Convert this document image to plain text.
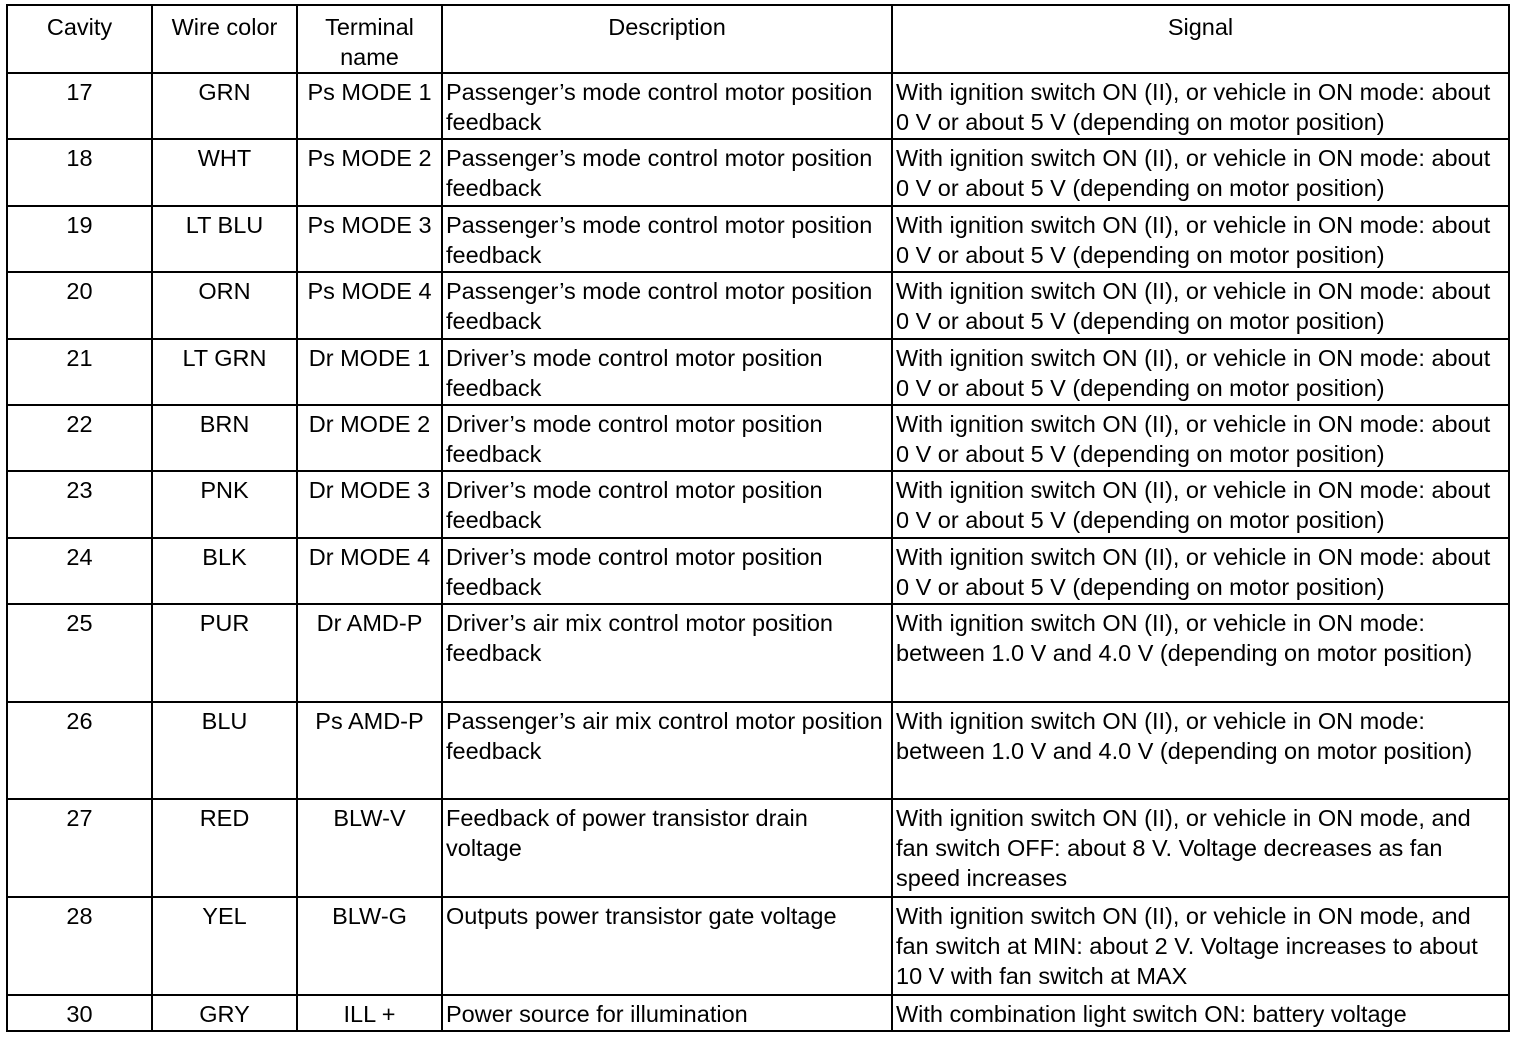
Cavity	Wire color	Terminal name	Description	Signal
17	GRN	Ps MODE 1	Passenger’s mode control motor position feedback	With ignition switch ON (II), or vehicle in ON mode: about 0 V or about 5 V (depending on motor position)
18	WHT	Ps MODE 2	Passenger’s mode control motor position feedback	With ignition switch ON (II), or vehicle in ON mode: about 0 V or about 5 V (depending on motor position)
19	LT BLU	Ps MODE 3	Passenger’s mode control motor position feedback	With ignition switch ON (II), or vehicle in ON mode: about 0 V or about 5 V (depending on motor position)
20	ORN	Ps MODE 4	Passenger’s mode control motor position feedback	With ignition switch ON (II), or vehicle in ON mode: about 0 V or about 5 V (depending on motor position)
21	LT GRN	Dr MODE 1	Driver’s mode control motor position feedback	With ignition switch ON (II), or vehicle in ON mode: about 0 V or about 5 V (depending on motor position)
22	BRN	Dr MODE 2	Driver’s mode control motor position feedback	With ignition switch ON (II), or vehicle in ON mode: about 0 V or about 5 V (depending on motor position)
23	PNK	Dr MODE 3	Driver’s mode control motor position feedback	With ignition switch ON (II), or vehicle in ON mode: about 0 V or about 5 V (depending on motor position)
24	BLK	Dr MODE 4	Driver’s mode control motor position feedback	With ignition switch ON (II), or vehicle in ON mode: about 0 V or about 5 V (depending on motor position)
25	PUR	Dr AMD-P	Driver’s air mix control motor position feedback	With ignition switch ON (II), or vehicle in ON mode: between 1.0 V and 4.0 V (depending on motor position)
26	BLU	Ps AMD-P	Passenger’s air mix control motor position feedback	With ignition switch ON (II), or vehicle in ON mode: between 1.0 V and 4.0 V (depending on motor position)
27	RED	BLW-V	Feedback of power transistor drain voltage	With ignition switch ON (II), or vehicle in ON mode, and fan switch OFF: about 8 V. Voltage decreases as fan speed increases
28	YEL	BLW-G	Outputs power transistor gate voltage	With ignition switch ON (II), or vehicle in ON mode, and fan switch at MIN: about 2 V. Voltage increases to about 10 V with fan switch at MAX
30	GRY	ILL +	Power source for illumination	With combination light switch ON: battery voltage
